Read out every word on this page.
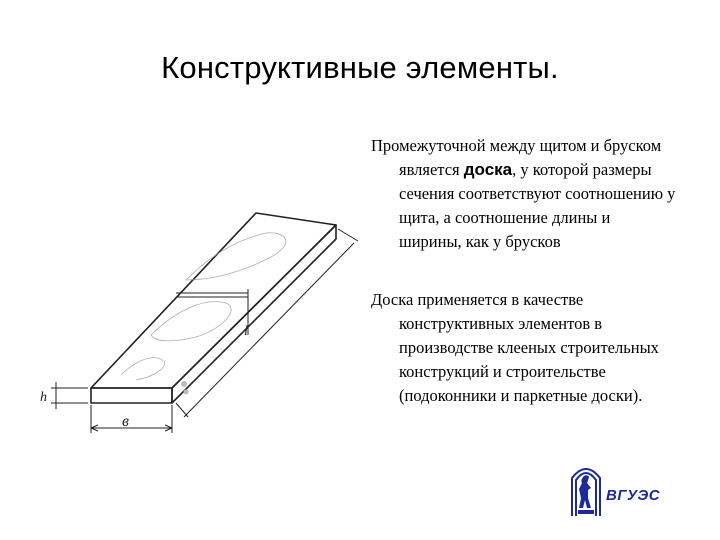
Конструктивные элементы.
в
h
l

Промежуточной между щитом и бруском является доска, у которой размеры сечения соответствуют соотношению у щита, а соотношение длины и ширины, как у брусков

Доска применяется в качестве конструктивных элементов в производстве клееных строительных конструкций и строительстве (подоконники и паркетные доски).

ВГУЭС
